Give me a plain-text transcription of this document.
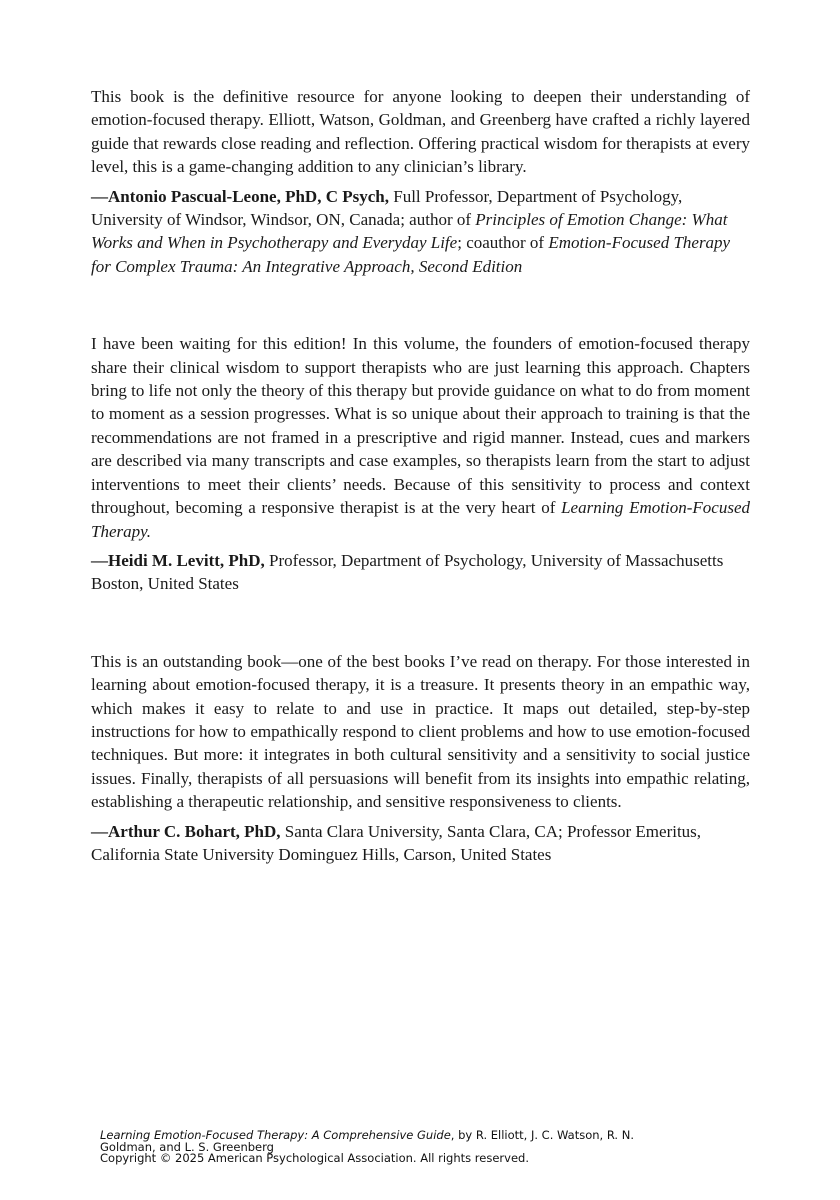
This book is the definitive resource for anyone looking to deepen their understanding of emotion-focused therapy. Elliott, Watson, Goldman, and Greenberg have crafted a richly layered guide that rewards close reading and reflection. Offering practical wisdom for therapists at every level, this is a game-changing addition to any clinician’s library.

—Antonio Pascual-Leone, PhD, C Psych, Full Professor, Department of Psychology, University of Windsor, Windsor, ON, Canada; author of Principles of Emotion Change: What Works and When in Psychotherapy and Everyday Life; coauthor of Emotion-Focused Therapy for Complex Trauma: An Integrative Approach, Second Edition

I have been waiting for this edition! In this volume, the founders of emotion-focused therapy share their clinical wisdom to support therapists who are just learning this approach. Chapters bring to life not only the theory of this therapy but provide guidance on what to do from moment to moment as a session progresses. What is so unique about their approach to training is that the recommendations are not framed in a prescriptive and rigid manner. Instead, cues and markers are described via many transcripts and case examples, so therapists learn from the start to adjust interventions to meet their clients’ needs. Because of this sensitivity to process and context throughout, becoming a responsive therapist is at the very heart of Learning Emotion-Focused Therapy.

—Heidi M. Levitt, PhD, Professor, Department of Psychology, University of Massachusetts Boston, United States

This is an outstanding book—one of the best books I’ve read on therapy. For those interested in learning about emotion-focused therapy, it is a treasure. It presents theory in an empathic way, which makes it easy to relate to and use in practice. It maps out detailed, step-by-step instructions for how to empathically respond to client problems and how to use emotion-focused techniques. But more: it integrates in both cultural sensitivity and a sensitivity to social justice issues. Finally, therapists of all persuasions will benefit from its insights into empathic relating, establishing a therapeutic relationship, and sensitive responsiveness to clients.

—Arthur C. Bohart, PhD, Santa Clara University, Santa Clara, CA; Professor Emeritus, California State University Dominguez Hills, Carson, United States

Learning Emotion-Focused Therapy: A Comprehensive Guide, by R. Elliott, J. C. Watson, R. N.
Goldman, and L. S. Greenberg
Copyright © 2025 American Psychological Association. All rights reserved.
